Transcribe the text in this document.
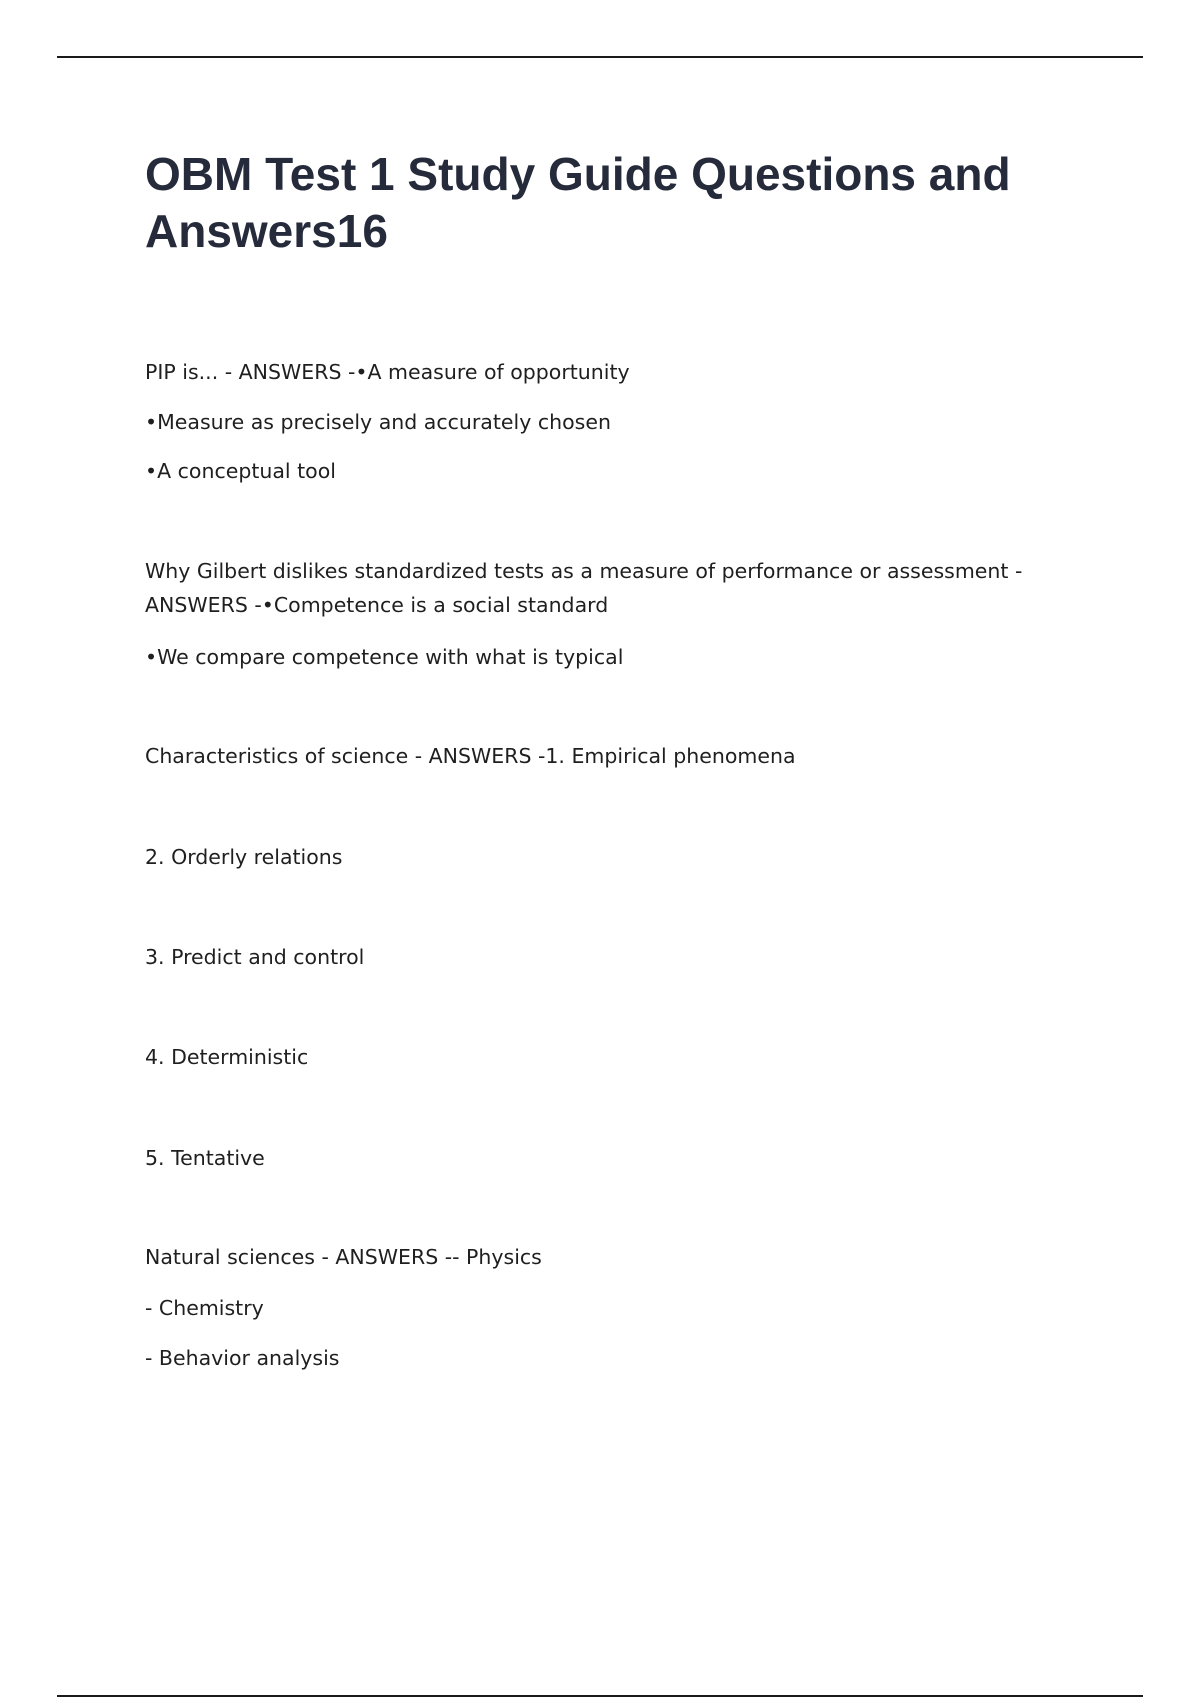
OBM Test 1 Study Guide Questions and Answers16

PIP is... - ANSWERS -•A measure of opportunity

•Measure as precisely and accurately chosen

•A conceptual tool

Why Gilbert dislikes standardized tests as a measure of performance or assessment - ANSWERS -•Competence is a social standard

•We compare competence with what is typical

Characteristics of science - ANSWERS -1. Empirical phenomena

2. Orderly relations

3. Predict and control

4. Deterministic

5. Tentative

Natural sciences - ANSWERS -- Physics

- Chemistry

- Behavior analysis
